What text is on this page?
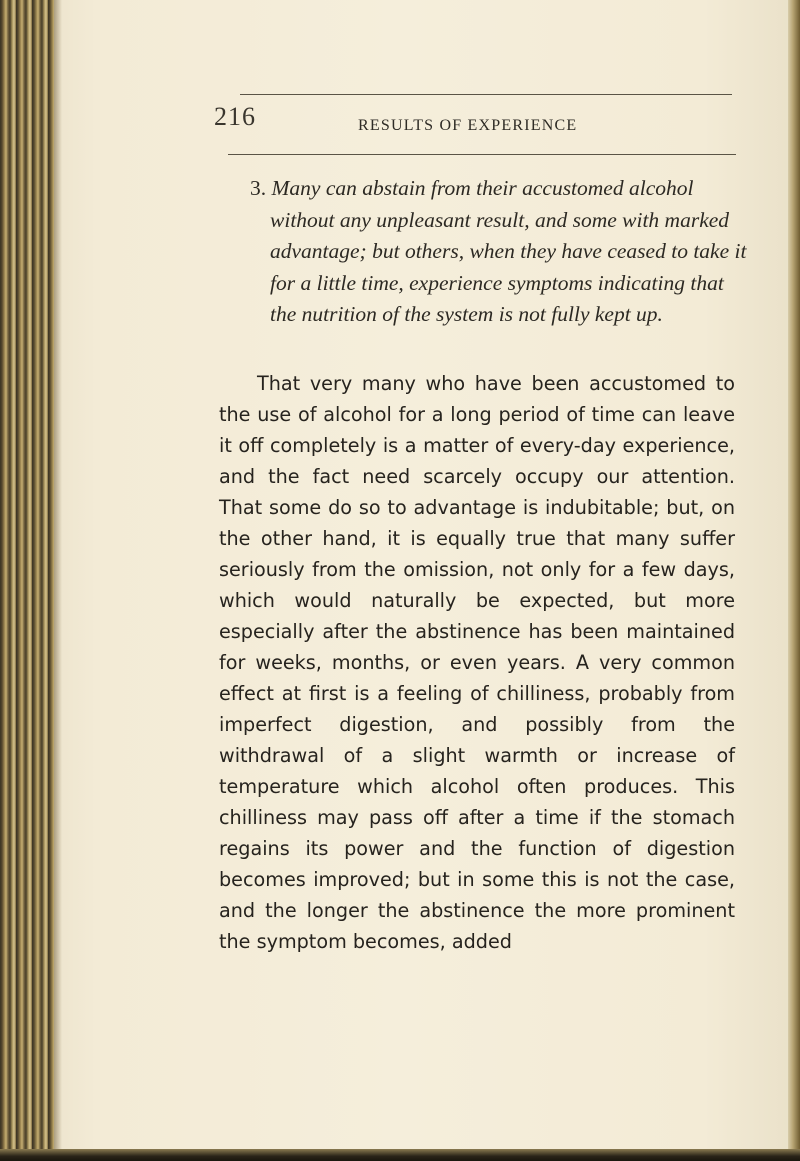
216	RESULTS OF EXPERIENCE
3. Many can abstain from their accustomed alcohol without any unpleasant result, and some with marked advantage; but others, when they have ceased to take it for a little time, experience symptoms indicating that the nutrition of the system is not fully kept up.

That very many who have been accustomed to the use of alcohol for a long period of time can leave it off completely is a matter of every-day experience, and the fact need scarcely occupy our attention. That some do so to advantage is indubitable; but, on the other hand, it is equally true that many suffer seriously from the omission, not only for a few days, which would naturally be expected, but more especially after the abstinence has been maintained for weeks, months, or even years. A very common effect at first is a feeling of chilliness, probably from imperfect digestion, and possibly from the withdrawal of a slight warmth or increase of temperature which alcohol often produces. This chilliness may pass off after a time if the stomach regains its power and the function of digestion becomes improved; but in some this is not the case, and the longer the abstinence the more prominent the symptom becomes, added
